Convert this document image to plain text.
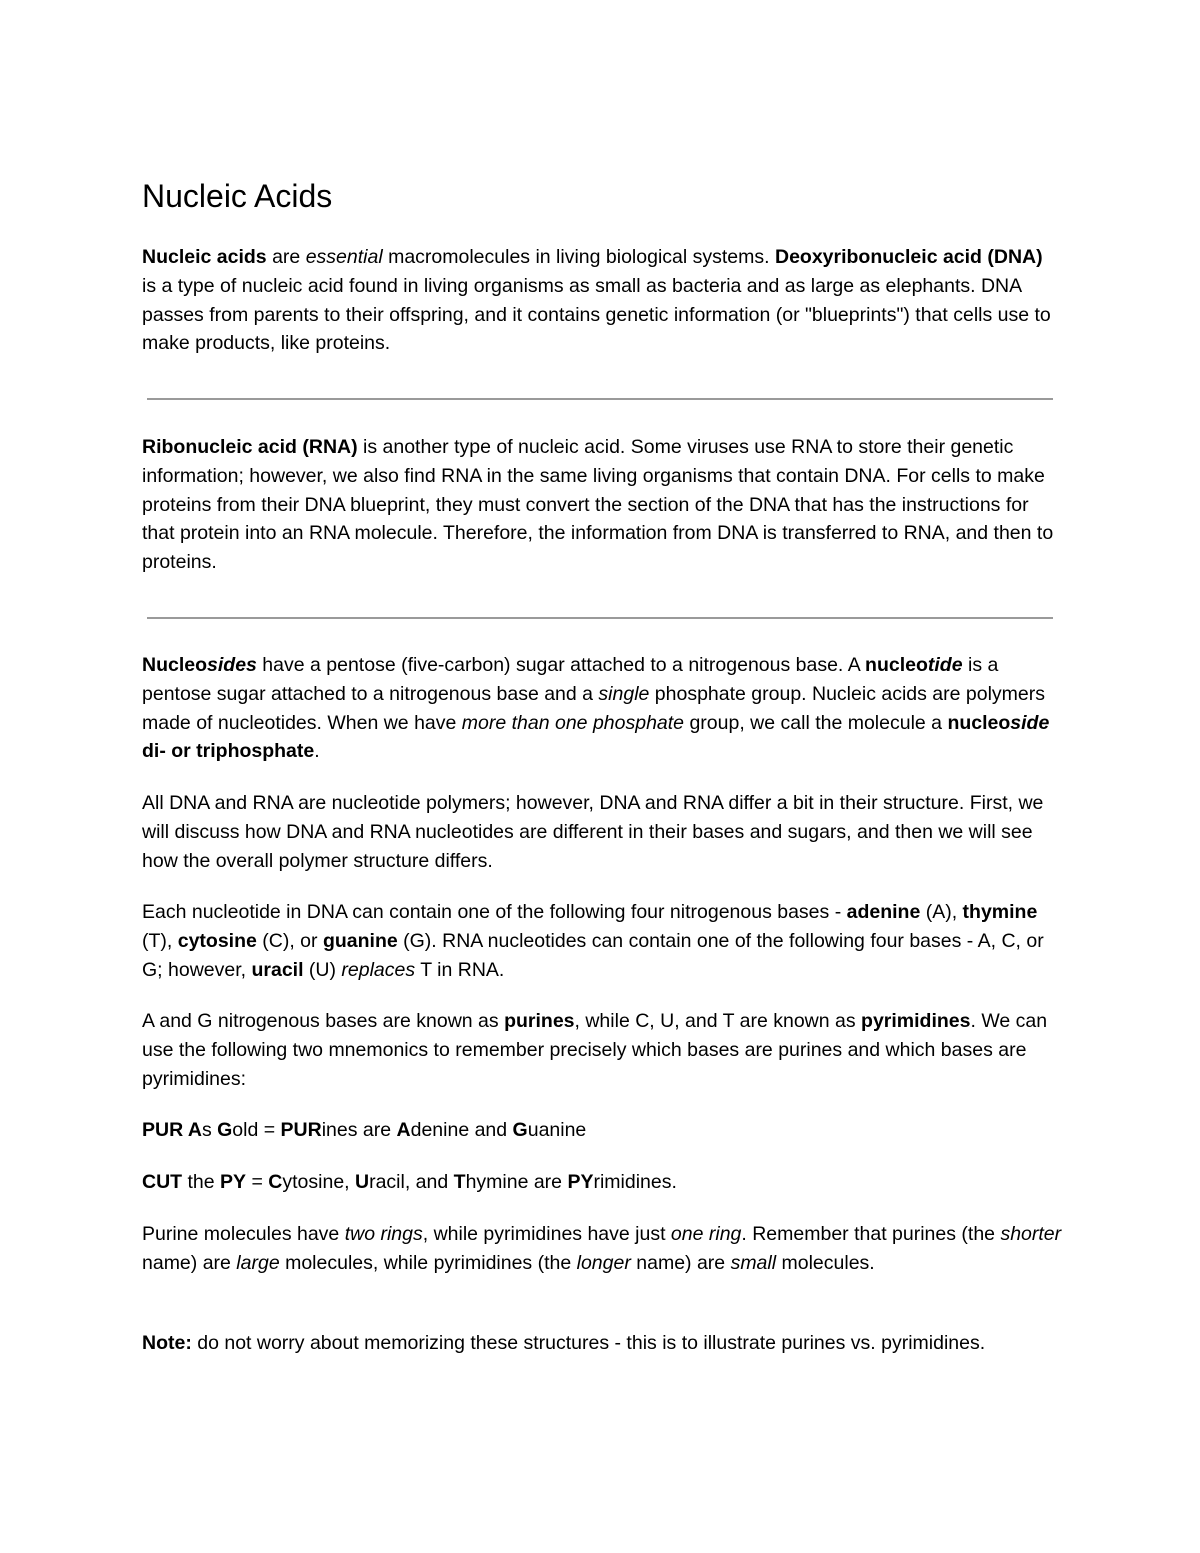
Nucleic Acids

Nucleic acids are essential macromolecules in living biological systems. Deoxyribonucleic acid (DNA) is a type of nucleic acid found in living organisms as small as bacteria and as large as elephants. DNA passes from parents to their offspring, and it contains genetic information (or "blueprints") that cells use to make products, like proteins.

Ribonucleic acid (RNA) is another type of nucleic acid. Some viruses use RNA to store their genetic information; however, we also find RNA in the same living organisms that contain DNA. For cells to make proteins from their DNA blueprint, they must convert the section of the DNA that has the instructions for that protein into an RNA molecule. Therefore, the information from DNA is transferred to RNA, and then to proteins.

Nucleosides have a pentose (five-carbon) sugar attached to a nitrogenous base. A nucleotide is a pentose sugar attached to a nitrogenous base and a single phosphate group. Nucleic acids are polymers made of nucleotides. When we have more than one phosphate group, we call the molecule a nucleoside di- or triphosphate.

All DNA and RNA are nucleotide polymers; however, DNA and RNA differ a bit in their structure. First, we will discuss how DNA and RNA nucleotides are different in their bases and sugars, and then we will see how the overall polymer structure differs.

Each nucleotide in DNA can contain one of the following four nitrogenous bases - adenine (A), thymine (T), cytosine (C), or guanine (G). RNA nucleotides can contain one of the following four bases - A, C, or G; however, uracil (U) replaces T in RNA.

A and G nitrogenous bases are known as purines, while C, U, and T are known as pyrimidines. We can use the following two mnemonics to remember precisely which bases are purines and which bases are pyrimidines:

PUR As Gold = PURines are Adenine and Guanine

CUT the PY = Cytosine, Uracil, and Thymine are PYrimidines.

Purine molecules have two rings, while pyrimidines have just one ring. Remember that purines (the shorter name) are large molecules, while pyrimidines (the longer name) are small molecules.

Note: do not worry about memorizing these structures - this is to illustrate purines vs. pyrimidines.
